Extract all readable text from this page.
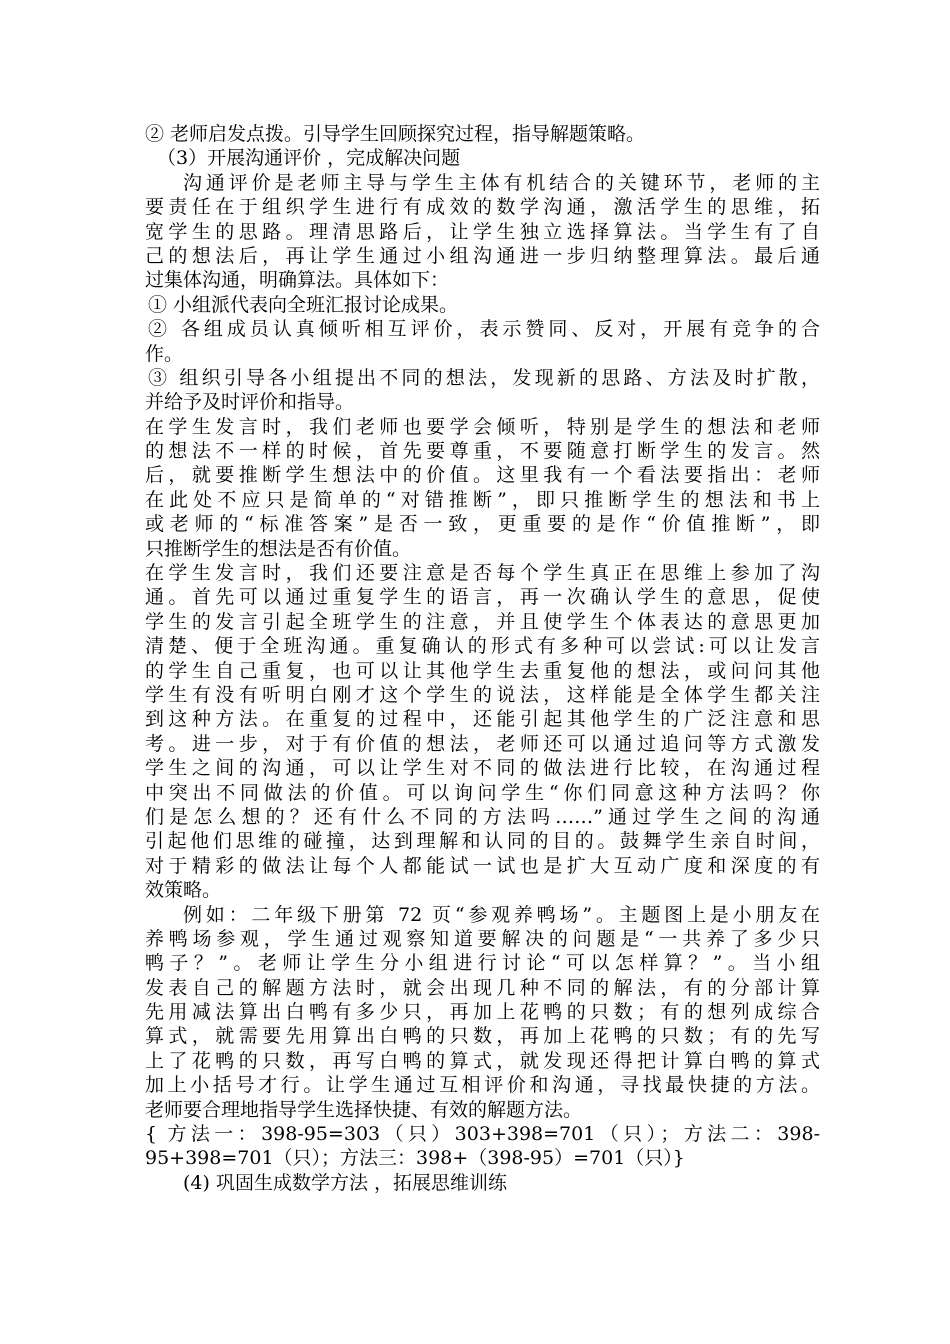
② 老师启发点拨。引导学生回顾探究过程，指导解题策略。
（3）开展沟通评价 ，完成解决问题
沟通评价是老师主导与学生主体有机结合的关键环节，老师的主
要责任在于组织学生进行有成效的数学沟通，激活学生的思维，拓
宽学生的思路。理清思路后，让学生独立选择算法。当学生有了自
己的想法后，再让学生通过小组沟通进一步归纳整理算法。最后通
过集体沟通，明确算法。具体如下：
① 小组派代表向全班汇报讨论成果。
② 各组成员认真倾听相互评价，表示赞同、反对，开展有竞争的合
作。
③ 组织引导各小组提出不同的想法，发现新的思路、方法及时扩散，
并给予及时评价和指导。
在学生发言时，我们老师也要学会倾听，特别是学生的想法和老师
的想法不一样的时候，首先要尊重，不要随意打断学生的发言。然
后，就要推断学生想法中的价值。这里我有一个看法要指出：老师
在此处不应只是简单的“对错推断”，即只推断学生的想法和书上
或老师的“标准答案”是否一致，更重要的是作“价值推断”，即
只推断学生的想法是否有价值。
在学生发言时，我们还要注意是否每个学生真正在思维上参加了沟
通。首先可以通过重复学生的语言，再一次确认学生的意思，促使
学生的发言引起全班学生的注意，并且使学生个体表达的意思更加
清楚、便于全班沟通。重复确认的形式有多种可以尝试:可以让发言
的学生自己重复，也可以让其他学生去重复他的想法，或问问其他
学生有没有听明白刚才这个学生的说法，这样能是全体学生都关注
到这种方法。在重复的过程中，还能引起其他学生的广泛注意和思
考。进一步，对于有价值的想法，老师还可以通过追问等方式激发
学生之间的沟通，可以让学生对不同的做法进行比较，在沟通过程
中突出不同做法的价值。可以询问学生“你们同意这种方法吗？你
们是怎么想的？还有什么不同的方法吗……”通过学生之间的沟通
引起他们思维的碰撞，达到理解和认同的目的。鼓舞学生亲自时间，
对于精彩的做法让每个人都能试一试也是扩大互动广度和深度的有
效策略。
例如：二年级下册第 72 页“参观养鸭场”。主题图上是小朋友在
养鸭场参观，学生通过观察知道要解决的问题是“一共养了多少只
鸭子？”。老师让学生分小组进行讨论“可以怎样算？”。当小组
发表自己的解题方法时，就会出现几种不同的解法，有的分部计算
先用减法算出白鸭有多少只，再加上花鸭的只数；有的想列成综合
算式，就需要先用算出白鸭的只数，再加上花鸭的只数；有的先写
上了花鸭的只数，再写白鸭的算式，就发现还得把计算白鸭的算式
加上小括号才行。让学生通过互相评价和沟通，寻找最快捷的方法。
老师要合理地指导学生选择快捷、有效的解题方法。
{ 方法一：398-95=303（只）303+398=701（只）；方法二：398-
95+398=701（只）；方法三：398+（398-95）=701（只）}
(4) 巩固生成数学方法 ，拓展思维训练
